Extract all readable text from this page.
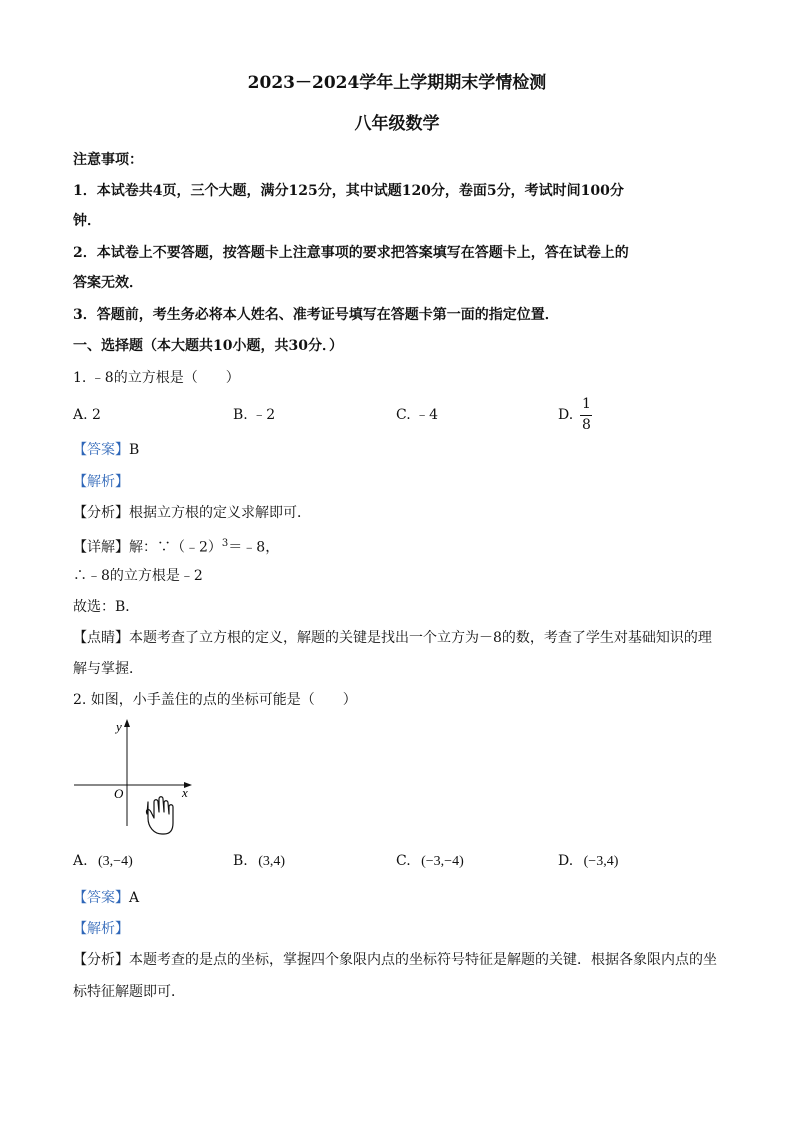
2023－2024学年上学期期末学情检测
八年级数学
注意事项：
1．本试卷共4页，三个大题，满分125分，其中试题120分，卷面5分，考试时间100分
钟．
2．本试卷上不要答题，按答题卡上注意事项的要求把答案填写在答题卡上，答在试卷上的
答案无效．
3．答题前，考生务必将本人姓名、准考证号填写在答题卡第一面的指定位置．
一、选择题（本大题共10小题，共30分．）
1. ﹣8的立方根是（　　）
A. 2	B. ﹣2	C. ﹣4	D.
1
8
【答案】B
【解析】
【分析】根据立方根的定义求解即可．
【详解】解：∵（﹣2）$^3$＝﹣8，
∴﹣8的立方根是﹣2
故选：B．
【点睛】本题考查了立方根的定义，解题的关键是找出一个立方为－8的数，考查了学生对基础知识的理
解与掌握．
2. 如图，小手盖住的点的坐标可能是（　　）
y
x
O
A. (3,−4)	B. (3,4)	C. (−3,−4)	D. (−3,4)
【答案】A
【解析】
【分析】本题考查的是点的坐标，掌握四个象限内点的坐标符号特征是解题的关键．根据各象限内点的坐
标特征解题即可．
